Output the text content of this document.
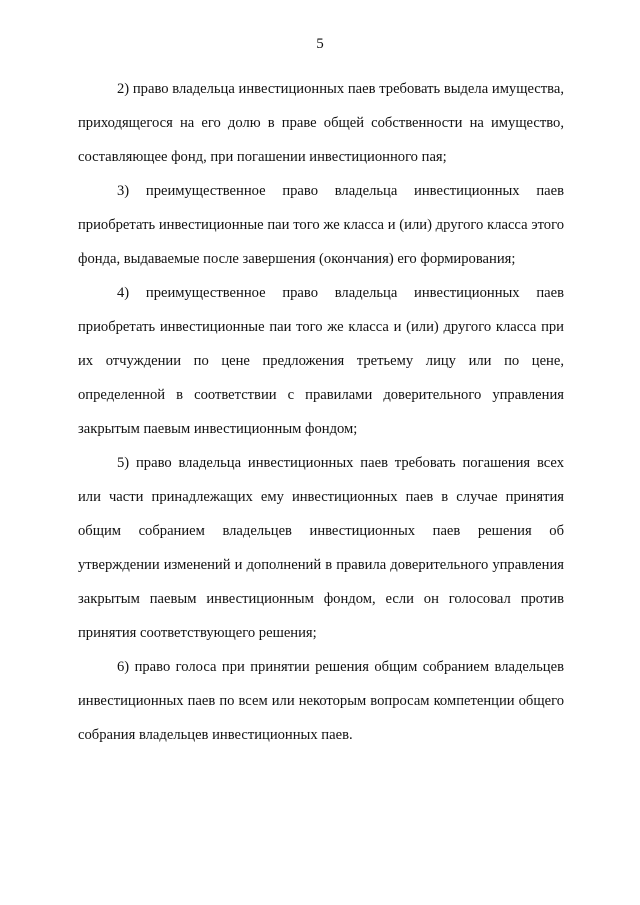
5

2) право владельца инвестиционных паев требовать выдела имущества, приходящегося на его долю в праве общей собственности на имущество, составляющее фонд, при погашении инвестиционного пая;

3) преимущественное право владельца инвестиционных паев приобретать инвестиционные паи того же класса и (или) другого класса этого фонда, выдаваемые после завершения (окончания) его формирования;

4) преимущественное право владельца инвестиционных паев приобретать инвестиционные паи того же класса и (или) другого класса при их отчуждении по цене предложения третьему лицу или по цене, определенной в соответствии с правилами доверительного управления закрытым паевым инвестиционным фондом;

5) право владельца инвестиционных паев требовать погашения всех или части принадлежащих ему инвестиционных паев в случае принятия общим собранием владельцев инвестиционных паев решения об утверждении изменений и дополнений в правила доверительного управления закрытым паевым инвестиционным фондом, если он голосовал против принятия соответствующего решения;

6) право голоса при принятии решения общим собранием владельцев инвестиционных паев по всем или некоторым вопросам компетенции общего собрания владельцев инвестиционных паев.
